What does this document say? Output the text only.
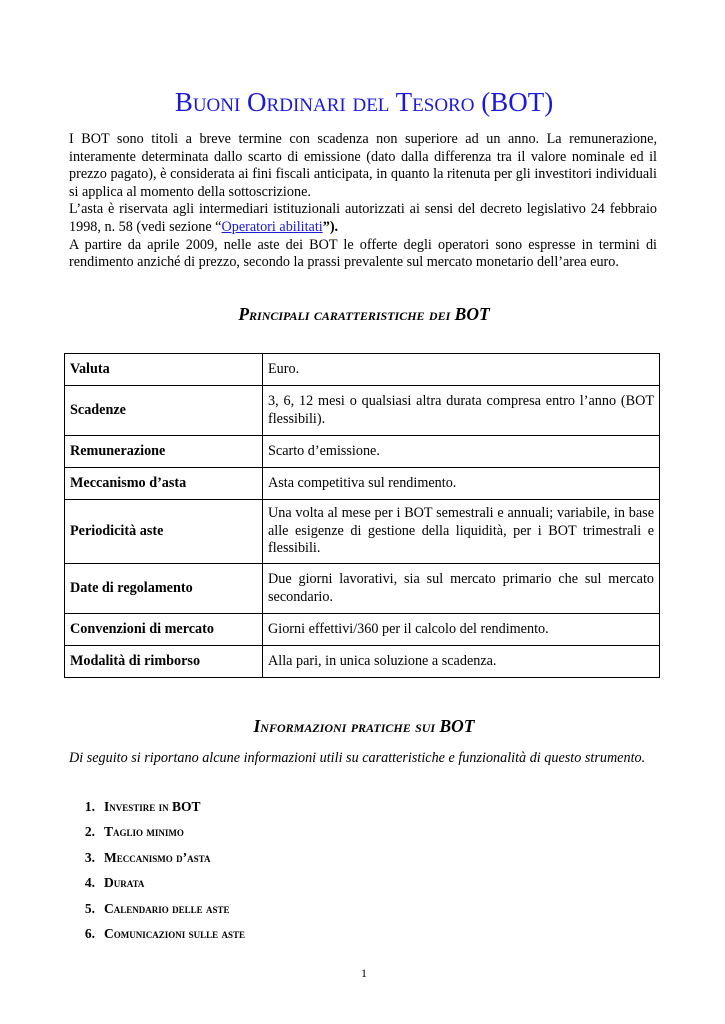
Buoni Ordinari del Tesoro (BOT)

I BOT sono titoli a breve termine con scadenza non superiore ad un anno. La remunerazione, interamente determinata dallo scarto di emissione (dato dalla differenza tra il valore nominale ed il prezzo pagato), è considerata ai fini fiscali anticipata, in quanto la ritenuta per gli investitori individuali si applica al momento della sottoscrizione.

L’asta è riservata agli intermediari istituzionali autorizzati ai sensi del decreto legislativo 24 febbraio 1998, n. 58 (vedi sezione “Operatori abilitati”).

A partire da aprile 2009, nelle aste dei BOT le offerte degli operatori sono espresse in termini di rendimento anziché di prezzo, secondo la prassi prevalente sul mercato monetario dell’area euro.

Principali caratteristiche dei BOT
Valuta	Euro.
Scadenze	3, 6, 12 mesi o qualsiasi altra durata compresa entro l’anno (BOT flessibili).
Remunerazione	Scarto d’emissione.
Meccanismo d’asta	Asta competitiva sul rendimento.
Periodicità aste	Una volta al mese per i BOT semestrali e annuali; variabile, in base alle esigenze di gestione della liquidità, per i BOT trimestrali e flessibili.
Date di regolamento	Due giorni lavorativi, sia sul mercato primario che sul mercato secondario.
Convenzioni di mercato	Giorni effettivi/360 per il calcolo del rendimento.
Modalità di rimborso	Alla pari, in unica soluzione a scadenza.
Informazioni pratiche sui BOT

Di seguito si riportano alcune informazioni utili su caratteristiche e funzionalità di questo strumento.

1. Investire in BOT
2. Taglio minimo
3. Meccanismo d’asta
4. Durata
5. Calendario delle aste
6. Comunicazioni sulle aste
1
